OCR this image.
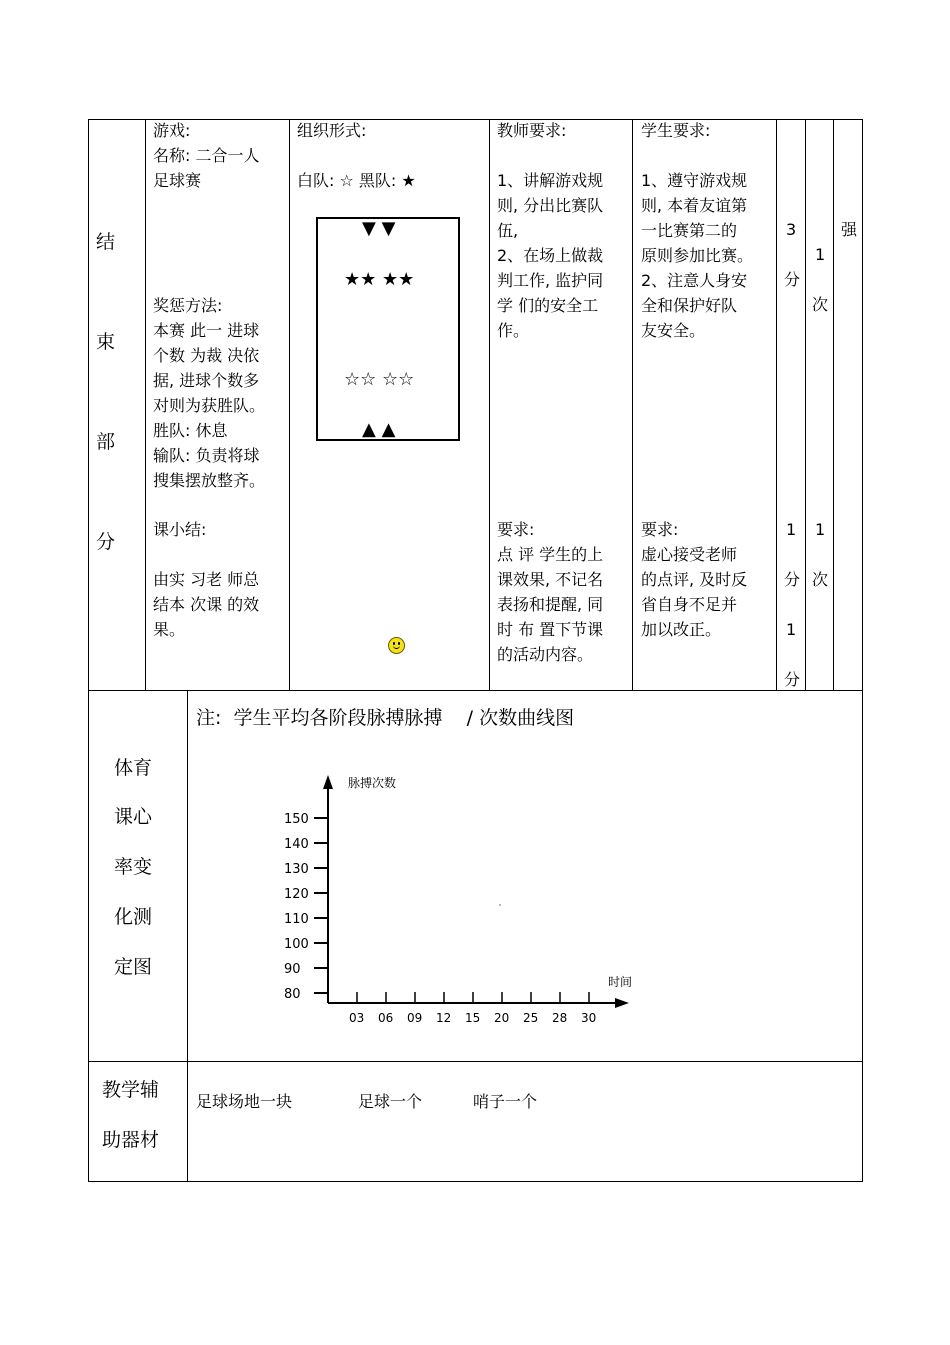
结
束
部
分
游戏:
名称: 二合一人
足球赛
奖惩方法:
本赛 此一 进球
个数 为裁 决依
据, 进球个数多
对则为获胜队。
胜队: 休息
输队: 负责将球
搜集摆放整齐。
课小结:
由实 习老 师总
结本 次课 的效
果。
组织形式:
白队: ☆ 黑队: ★
▼ ▼
★★ ★★
☆☆ ☆☆
▲ ▲
教师要求:
1、讲解游戏规
则, 分出比赛队
伍,
2、在场上做裁
判工作, 监护同
学 们的安全工
作。
要求:
点 评 学生的上
课效果, 不记名
表扬和提醒, 同
时 布 置下节课
的活动内容。
学生要求:
1、遵守游戏规
则, 本着友谊第
一比赛第二的
原则参加比赛。
2、注意人身安
全和保护好队
友安全。
要求:
虚心接受老师
的点评, 及时反
省自身不足并
加以改正。
3
分
1
分
1
分
1
次
1
次
强
体育
课心
率变
化测
定图
注:  学生平均各阶段脉搏脉搏    / 次数曲线图
脉搏次数
时间
150
140
130
120
110
100
90
80
03 06 09 12 15 20 25 28 30
教学辅
助器材
足球场地一块	足球一个	哨子一个
